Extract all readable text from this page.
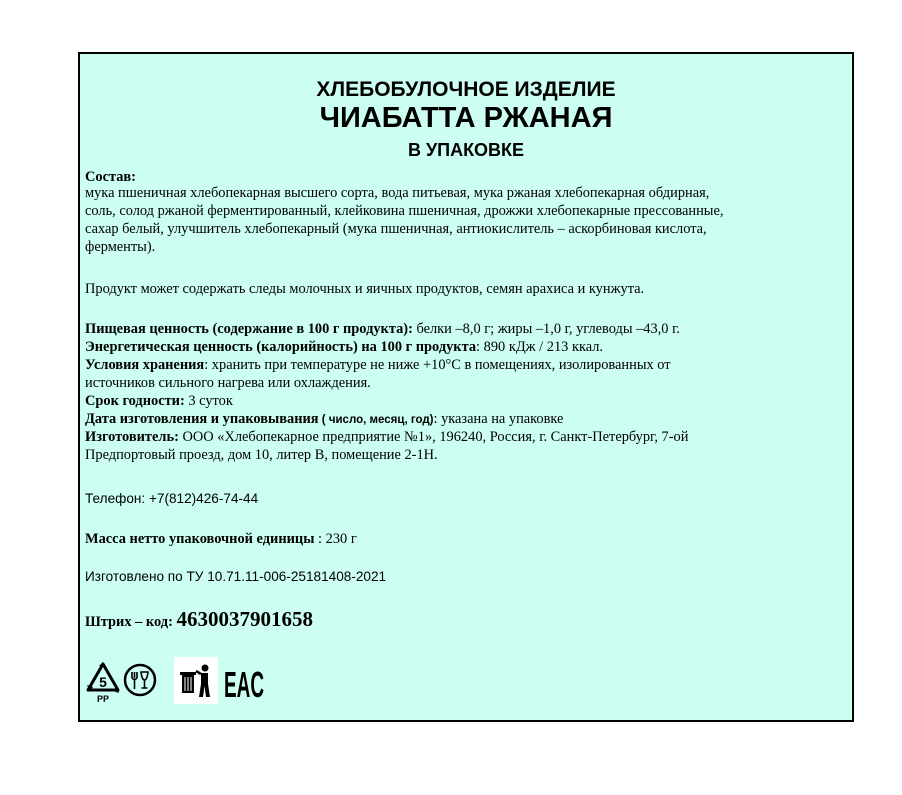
ХЛЕБОБУЛОЧНОЕ ИЗДЕЛИЕ
ЧИАБАТТА РЖАНАЯ
В УПАКОВКЕ
Состав:
мука пшеничная хлебопекарная высшего сорта, вода питьевая, мука ржаная хлебопекарная обдирная,
соль, солод ржаной ферментированный, клейковина пшеничная, дрожжи хлебопекарные прессованные,
сахар белый, улучшитель хлебопекарный (мука пшеничная, антиокислитель – аскорбиновая кислота,
ферменты).
Продукт может содержать следы молочных и яичных продуктов, семян арахиса и кунжута.
Пищевая ценность (содержание в 100 г продукта): белки –8,0 г; жиры –1,0 г, углеводы –43,0 г.
Энергетическая ценность (калорийность) на 100 г продукта: 890 кДж / 213 ккал.
Условия хранения: хранить при температуре не ниже +10°С в помещениях, изолированных от
источников сильного нагрева или охлаждения.
Срок годности: 3 суток
Дата изготовления и упаковывания ( число, месяц, год): указана на упаковке
Изготовитель: ООО «Хлебопекарное предприятие №1», 196240, Россия, г. Санкт-Петербург, 7-ой
Предпортовый проезд, дом 10, литер В, помещение 2-1Н.
Телефон: +7(812)426-74-44
Масса нетто упаковочной единицы : 230 г
Изготовлено по ТУ 10.71.11-006-25181408-2021
Штрих – код: 4630037901658
5
PP	EAC
